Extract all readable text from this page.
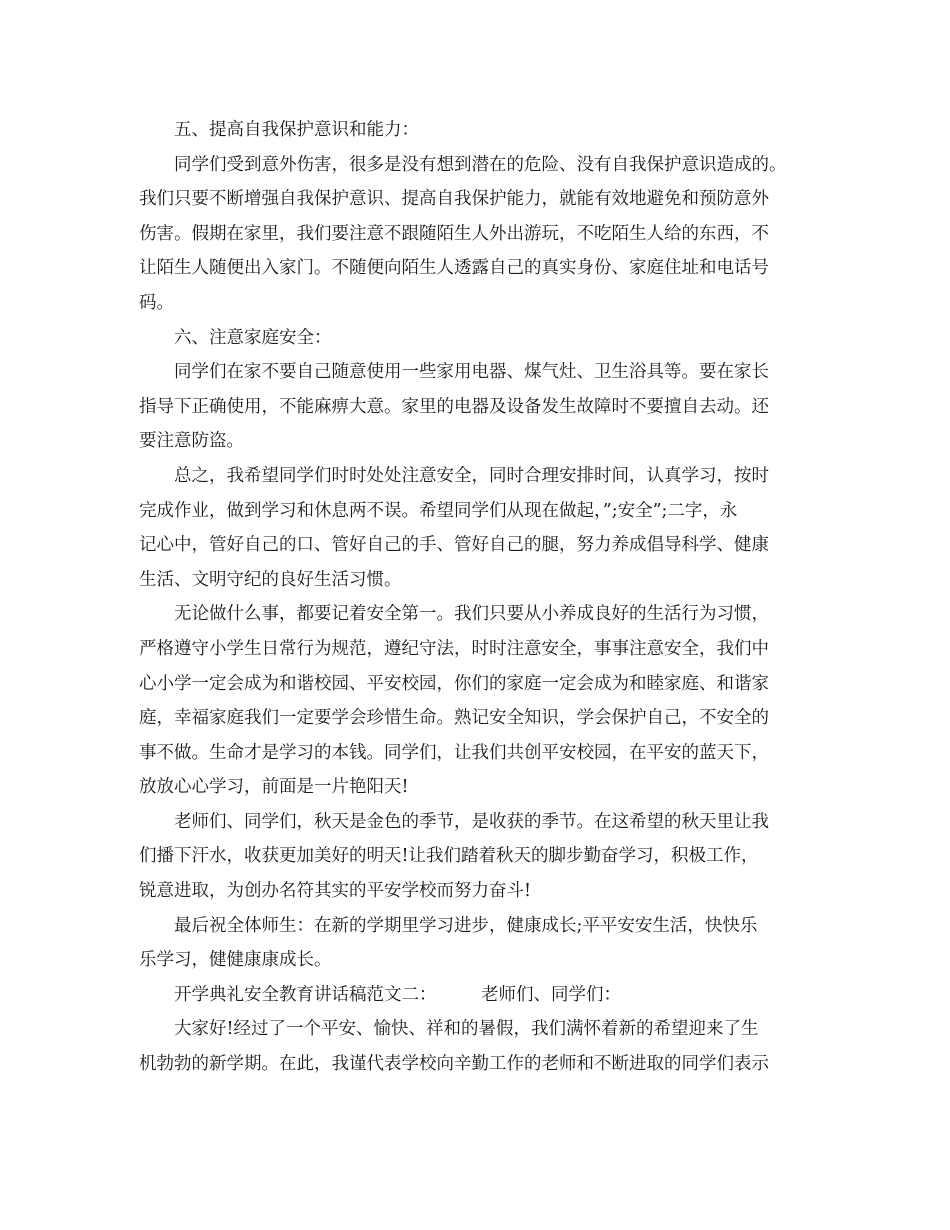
五、提高自我保护意识和能力：
同学们受到意外伤害，很多是没有想到潜在的危险、没有自我保护意识造成的。
我们只要不断增强自我保护意识、提高自我保护能力，就能有效地避免和预防意外
伤害。假期在家里，我们要注意不跟随陌生人外出游玩，不吃陌生人给的东西，不
让陌生人随便出入家门。不随便向陌生人透露自己的真实身份、家庭住址和电话号
码。
六、注意家庭安全：
同学们在家不要自己随意使用一些家用电器、煤气灶、卫生浴具等。要在家长
指导下正确使用，不能麻痹大意。家里的电器及设备发生故障时不要擅自去动。还
要注意防盗。
总之，我希望同学们时时处处注意安全，同时合理安排时间，认真学习，按时
完成作业，做到学习和休息两不误。希望同学们从现在做起，”;安全”;二字，永
记心中，管好自己的口、管好自己的手、管好自己的腿，努力养成倡导科学、健康
生活、文明守纪的良好生活习惯。
无论做什么事，都要记着安全第一。我们只要从小养成良好的生活行为习惯，
严格遵守小学生日常行为规范，遵纪守法，时时注意安全，事事注意安全，我们中
心小学一定会成为和谐校园、平安校园，你们的家庭一定会成为和睦家庭、和谐家
庭，幸福家庭我们一定要学会珍惜生命。熟记安全知识，学会保护自己，不安全的
事不做。生命才是学习的本钱。同学们，让我们共创平安校园，在平安的蓝天下，
放放心心学习，前面是一片艳阳天!
老师们、同学们，秋天是金色的季节，是收获的季节。在这希望的秋天里让我
们播下汗水，收获更加美好的明天!让我们踏着秋天的脚步勤奋学习，积极工作，
锐意进取，为创办名符其实的平安学校而努力奋斗!
最后祝全体师生：在新的学期里学习进步，健康成长;平平安安生活，快快乐
乐学习，健健康康成长。
开学典礼安全教育讲话稿范文二：        老师们、同学们：
大家好!经过了一个平安、愉快、祥和的暑假，我们满怀着新的希望迎来了生
机勃勃的新学期。在此，我谨代表学校向辛勤工作的老师和不断进取的同学们表示
